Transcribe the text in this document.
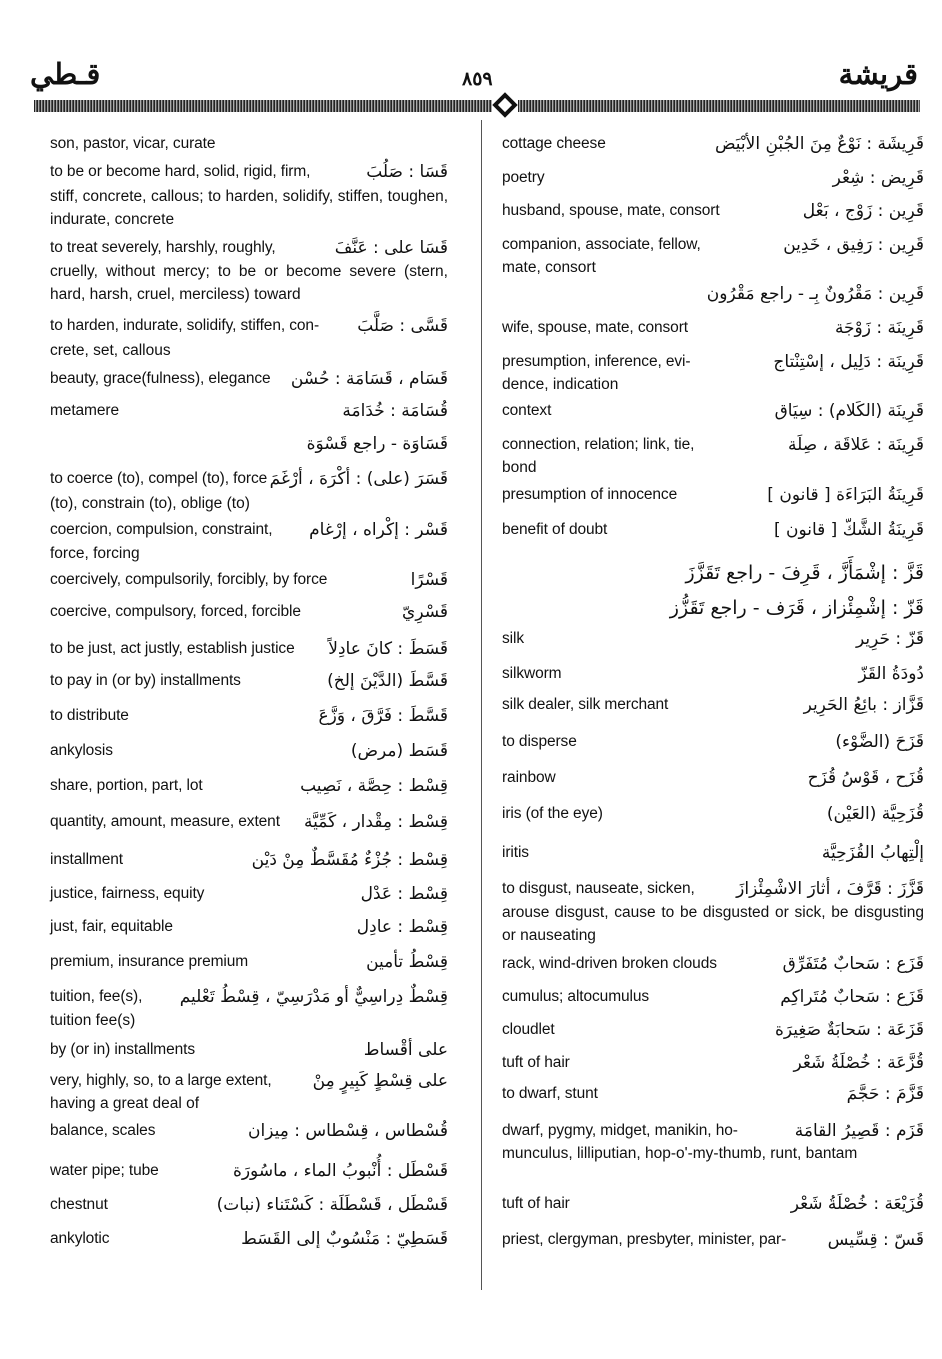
قـطي	٨٥٩	قريشة
son, pastor, vicar, curate
to be or become hard, solid, rigid, firm,	قَسَا : صَلُبَ
stiff, concrete, callous; to harden, solidify, stiffen, toughen, indurate, concrete
to treat severely, harshly, roughly,	قَسَا على : عَنَّفَ
cruelly, without mercy; to be or become severe (stern, hard, harsh, cruel, merciless) toward
to harden, indurate, solidify, stiffen, con- قَسَّى : صَلَّبَ
crete, set, callous
beauty, grace(fulness), elegance قَسَام ، قَسَامَة : حُسْن
metamere	قُسَامَة : خُدَامَة
قَسَاوَة - راجع قَسْوَة
to coerce (to), compel (to), force قَسَرَ (على) : أكْرَهَ ، أرْغَمَ
(to), constrain (to), oblige (to)
coercion, compulsion, constraint, قَسْر : إكْراه ، إرْغام
force, forcing
coercively, compulsorily, forcibly, by force	قَسْرًا
coercive, compulsory, forced, forcible	قَسْرِيّ
to be just, act justly, establish justice قَسَطَ : كانَ عادِلاً
to pay in (or by) installments	قَسَّطَ (الدَّيْنَ إلخ)
to distribute	قَسَّطَ : فَرَّقَ ، وَزَّعَ
ankylosis	قَسَط (مرض)
share, portion, part, lot	قِسْط : حِصَّة ، نَصِيب
quantity, amount, measure, extent قِسْط : مِقْدار ، كَمِّيَّة
installment	قِسْط : جُزْءٌ مُقَسَّطٌ مِنْ دَيْن
justice, fairness, equity	قِسْط : عَدْل
just, fair, equitable	قِسْط : عادِل
premium, insurance premium	قِسْطُ تأمين
tuition, fee(s), قِسْطٌ دِراسِيٌّ أو مَدْرَسِيّ ، قِسْطُ تَعْليم
tuition fee(s)
by (or in) installments	على أقْساط
very, highly, so, to a large extent, على قِسْطٍ كَبِيرٍ مِنْ
having a great deal of
balance, scales	قُسْطاس ، قِسْطاس : مِيزان
water pipe; tube	قَسْطَل : أُنْبوبُ الماء ، ماسُورَة
chestnut	قَسْطَل ، قَسْطَلَة : كَسْتَناء (نبات)
ankylotic	قَسَطِيّ : مَنْسُوبٌ إلى القَسَط
cottage cheese	قَرِيشَة : نَوْعٌ مِنَ الجُبْنِ الأبْيَض
poetry	قَرِيض : شِعْر
husband, spouse, mate, consort	قَرِين : زَوْج ، بَعْل
companion, associate, fellow,	قَرِين : رَفِيق ، خَدِين
mate, consort
قَرِين : مَقْرُونٌ بِـ - راجع مَقْرُون
wife, spouse, mate, consort	قَرِينَة : زَوْجَة
presumption, inference, evi-	قَرِينَة : دَلِيل ، إسْتِنْتاج
dence, indication
context	قَرِينَة (الكَلام) : سِيَاق
connection, relation; link, tie,	قَرِينَة : عَلاقَة ، صِلَة
bond
presumption of innocence	قَرِينَةُ البَرَاءَة [ قانون ]
benefit of doubt	قَرِينَةُ الشَّكّ [ قانون ]
قَزَّ : إشْمَأَزَّ ، قَرِفَ - راجع تَقَزَّزَ
قَزّ : إشْمِئْزاز ، قَرَف - راجع تَقَزُّز
silk	قَزّ : حَرِير
silkworm	دُودَةُ القَزّ
silk dealer, silk merchant	قَزَّاز : بائِعُ الحَرِير
to disperse	قَزَحَ (الضَّوْء)
rainbow	قُزَح ، قَوْسُ قُزَح
iris (of the eye)	قُزَحِيَّة (العَيْن)
iritis	إلْتِهابُ القُزَحِيَّة
to disgust, nauseate, sicken, قَزَّزَ : قَرَّفَ ، أثارَ الاشْمِئْزازَ
arouse disgust, cause to be disgusted or sick, be disgusting or nauseating
rack, wind-driven broken clouds	قَزَع : سَحابٌ مُتَفَرِّق
cumulus; altocumulus	قَزَع : سَحابٌ مُتَراكِم
cloudlet	قَزَعَة : سَحابَةٌ صَغِيرَة
tuft of hair	قُزَّعَة : خُصْلَةُ شَعْر
to dwarf, stunt	قَزَّمَ : حَجَّمَ
dwarf, pygmy, midget, manikin, ho-	قَزَم : قَصِيرُ القامَة
munculus, lilliputian, hop-o'-my-thumb, runt, bantam
tuft of hair	قُزَيْعَة : خُصْلَةُ شَعْر
priest, clergyman, presbyter, minister, par- قَسّ : قِسِّيس
